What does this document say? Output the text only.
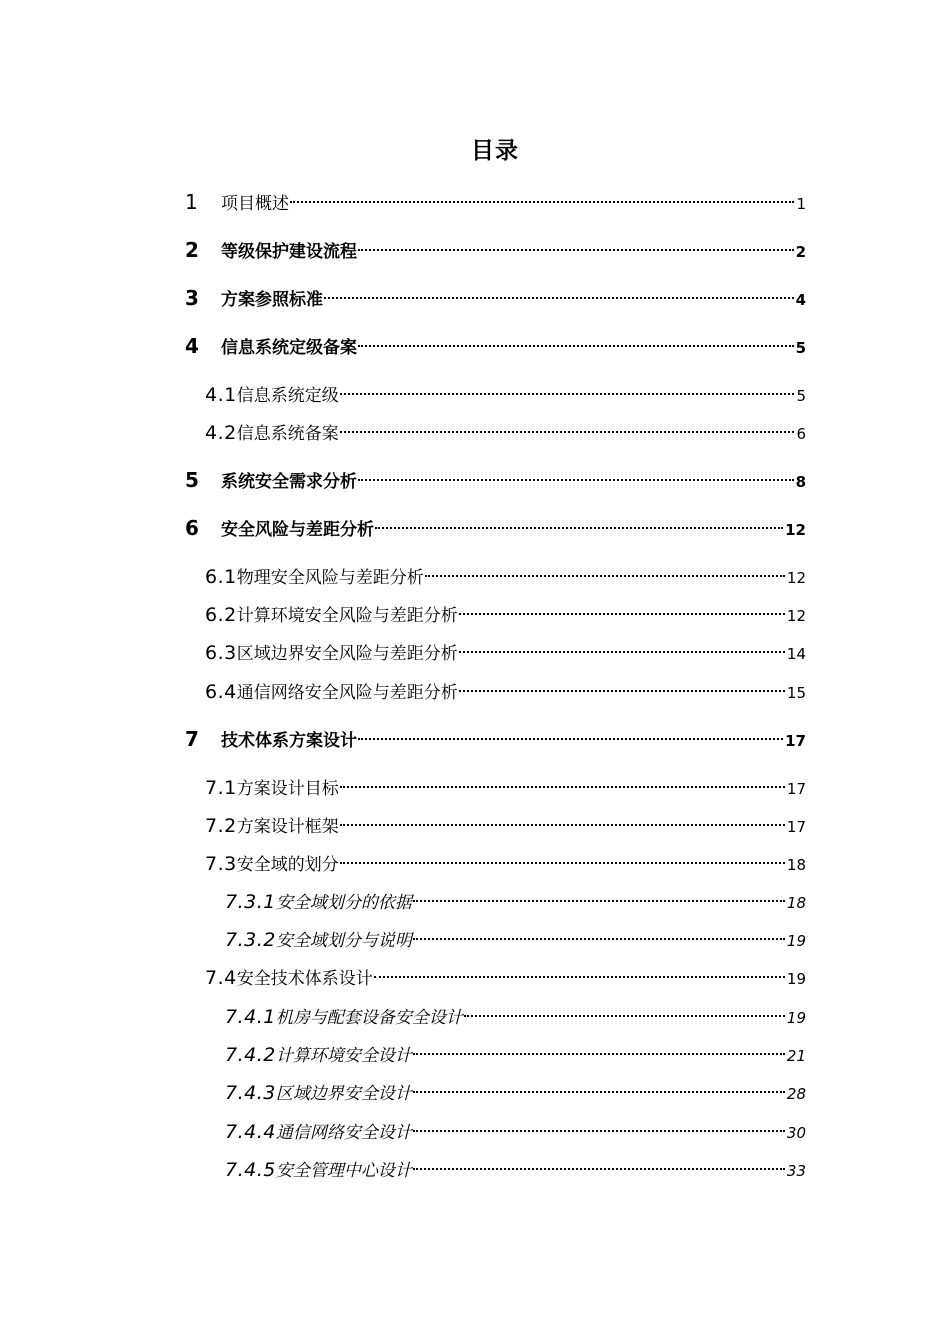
目录
1	项目概述	1
2	等级保护建设流程	2
3	方案参照标准	4
4	信息系统定级备案	5
4.1 信息系统定级	5
4.2 信息系统备案	6
5	系统安全需求分析	8
6	安全风险与差距分析	12
6.1 物理安全风险与差距分析	12
6.2 计算环境安全风险与差距分析	12
6.3 区域边界安全风险与差距分析	14
6.4 通信网络安全风险与差距分析	15
7	技术体系方案设计	17
7.1 方案设计目标	17
7.2 方案设计框架	17
7.3 安全域的划分	18
7.3.1 安全域划分的依据	18
7.3.2 安全域划分与说明	19
7.4 安全技术体系设计	19
7.4.1 机房与配套设备安全设计	19
7.4.2 计算环境安全设计	21
7.4.3 区域边界安全设计	28
7.4.4 通信网络安全设计	30
7.4.5 安全管理中心设计	33
